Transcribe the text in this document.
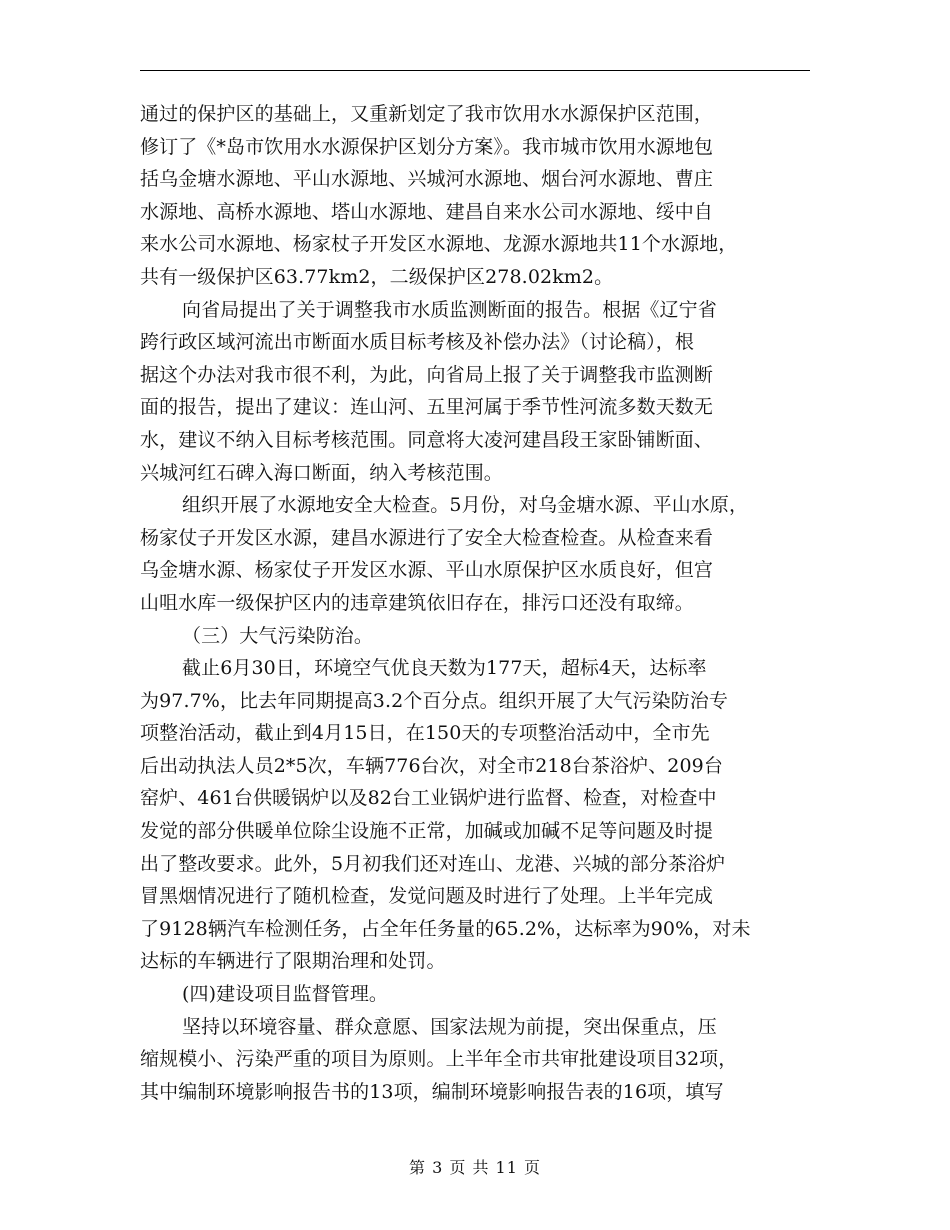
通过的保护区的基础上，又重新划定了我市饮用水水源保护区范围，
修订了《*岛市饮用水水源保护区划分方案》。我市城市饮用水源地包
括乌金塘水源地、平山水源地、兴城河水源地、烟台河水源地、曹庄
水源地、高桥水源地、塔山水源地、建昌自来水公司水源地、绥中自
来水公司水源地、杨家杖子开发区水源地、龙源水源地共11个水源地，
共有一级保护区63.77km2，二级保护区278.02km2。
向省局提出了关于调整我市水质监测断面的报告。根据《辽宁省
跨行政区域河流出市断面水质目标考核及补偿办法》（讨论稿），根
据这个办法对我市很不利，为此，向省局上报了关于调整我市监测断
面的报告，提出了建议：连山河、五里河属于季节性河流多数天数无
水，建议不纳入目标考核范围。同意将大凌河建昌段王家卧铺断面、
兴城河红石碑入海口断面，纳入考核范围。
组织开展了水源地安全大检查。5月份，对乌金塘水源、平山水原，
杨家仗子开发区水源，建昌水源进行了安全大检查检查。从检查来看
乌金塘水源、杨家仗子开发区水源、平山水原保护区水质良好，但宫
山咀水库一级保护区内的违章建筑依旧存在，排污口还没有取缔。
（三）大气污染防治。
截止6月30日，环境空气优良天数为177天，超标4天，达标率
为97.7%，比去年同期提高3.2个百分点。组织开展了大气污染防治专
项整治活动，截止到4月15日，在150天的专项整治活动中，全市先
后出动执法人员2*5次，车辆776台次，对全市218台茶浴炉、209台
窑炉、461台供暖锅炉以及82台工业锅炉进行监督、检查，对检查中
发觉的部分供暖单位除尘设施不正常，加碱或加碱不足等问题及时提
出了整改要求。此外，5月初我们还对连山、龙港、兴城的部分茶浴炉
冒黑烟情况进行了随机检查，发觉问题及时进行了处理。上半年完成
了9128辆汽车检测任务，占全年任务量的65.2%，达标率为90%，对未
达标的车辆进行了限期治理和处罚。
(四)建设项目监督管理。
坚持以环境容量、群众意愿、国家法规为前提，突出保重点，压
缩规模小、污染严重的项目为原则。上半年全市共审批建设项目32项，
其中编制环境影响报告书的13项，编制环境影响报告表的16项，填写
第 3 页 共 11 页
